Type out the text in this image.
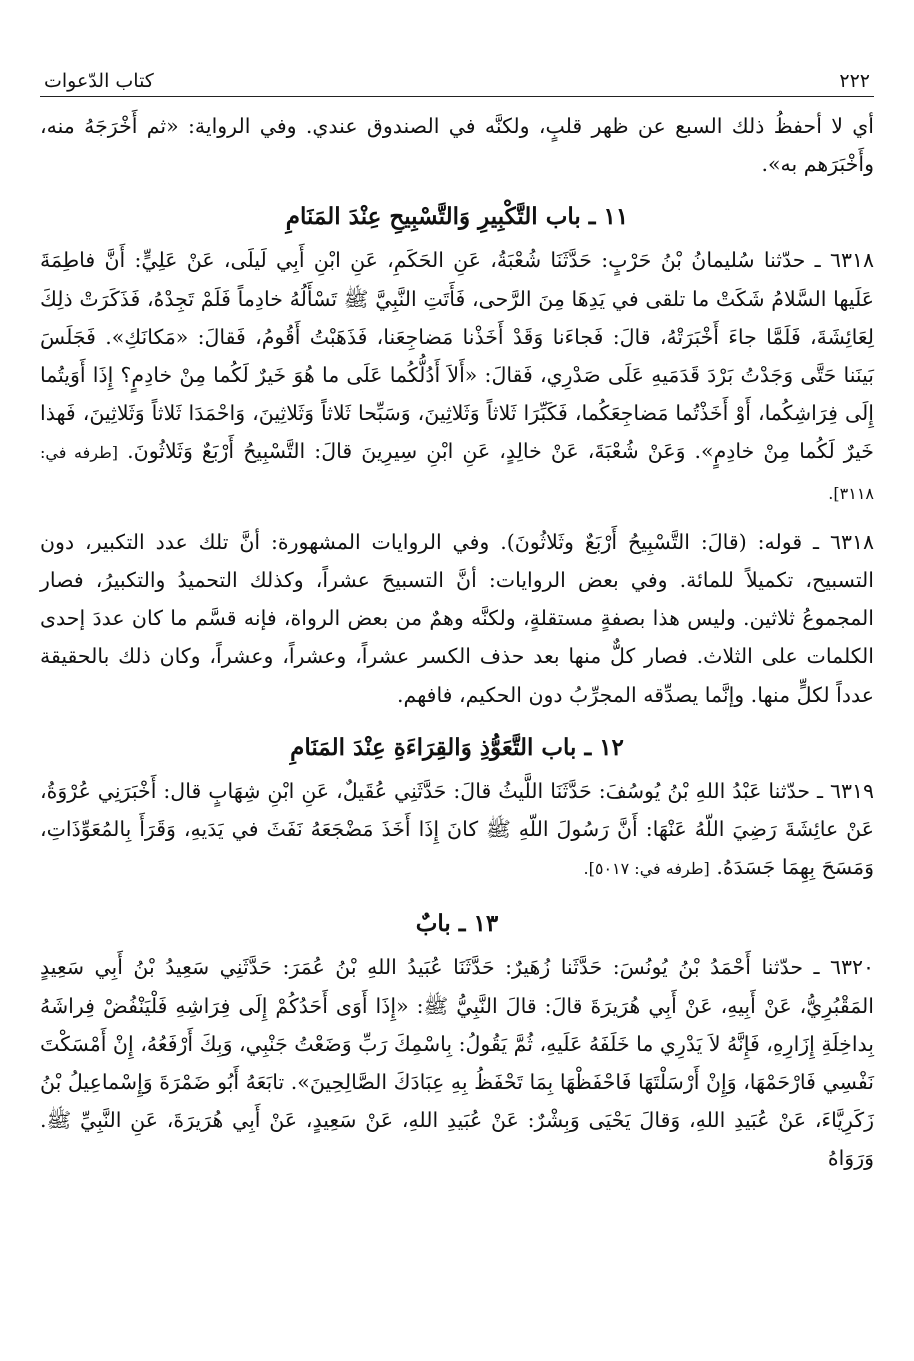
٢٢٢
كتاب الدّعوات

أي لا أحفظُ ذلك السبع عن ظهر قلبٍ، ولكنَّه في الصندوق عندي. وفي الرواية: «ثم أَخْرَجَهُ منه، وأَخْبَرَهم به».

١١ ـ باب التَّكْبِيرِ وَالتَّسْبِيحِ عِنْدَ المَنَامِ

٦٣١٨ ـ حدّثنا سُليمانُ بْنُ حَرْبٍ: حَدَّثَنَا شُعْبَةُ، عَنِ الحَكَمِ، عَنِ ابْنِ أَبِي لَيلَى، عَنْ عَلِيٍّ: أَنَّ فاطِمَةَ عَلَيها السَّلامُ شَكَتْ ما تلقى في يَدِهَا مِنَ الرَّحى، فَأَتَتِ النَّبِيَّ ﷺ تَسْأَلُهُ خادِماً فَلَمْ تَجِدْهُ، فَذَكَرَتْ ذلِكَ لِعَائِشَةَ، فَلَمَّا جاءَ أَخْبَرَتْهُ، قالَ: فَجاءَنا وَقَدْ أَخَذْنا مَضاجِعَنا، فَذَهَبْتُ أَقُومُ، فَقالَ: «مَكانَكِ». فَجَلَسَ بَينَنا حَتَّى وَجَدْتُ بَرْدَ قَدَمَيهِ عَلَى صَدْرِي، فَقالَ: «أَلاَ أَدُلُّكُما عَلَى ما هُوَ خَيرٌ لَكُما مِنْ خادِمٍ؟ إِذَا أَوَيتُما إِلَى فِرَاشِكُما، أَوْ أَخَذْتُما مَضاجِعَكُما، فَكَبِّرَا ثَلاثاً وَثَلاثِينَ، وَسَبِّحا ثَلاثاً وَثَلاثِينَ، وَاحْمَدَا ثَلاثاً وَثَلاثِينَ، فَهذا خَيرٌ لَكُما مِنْ خادِمٍ». وَعَنْ شُعْبَةَ، عَنْ خالِدٍ، عَنِ ابْنِ سِيرِينَ قالَ: التَّسْبِيحُ أَرْبَعٌ وَثَلاثُونَ. [طرفه في: ٣١١٨].

٦٣١٨ ـ قوله: (قالَ: التَّسْبِيحُ أَرْبَعٌ وثَلاثُونَ). وفي الروايات المشهورة: أنَّ تلك عدد التكبير، دون التسبيح، تكميلاً للمائة. وفي بعض الروايات: أنَّ التسبيحَ عشراً، وكذلك التحميدُ والتكبيرُ، فصار المجموعُ ثلاثين. وليس هذا بصفةٍ مستقلةٍ، ولكنَّه وهمٌ من بعض الرواة، فإنه قسَّم ما كان عددَ إحدى الكلمات على الثلاث. فصار كلٌّ منها بعد حذف الكسر عشراً، وعشراً، وعشراً، وكان ذلك بالحقيقة عدداً لكلٍّ منها. وإنَّما يصدِّقه المجرِّبُ دون الحكيم، فافهم.

١٢ ـ باب التَّعَوُّذِ وَالقِرَاءَةِ عِنْدَ المَنَامِ

٦٣١٩ ـ حدّثنا عَبْدُ اللهِ بْنُ يُوسُفَ: حَدَّثَنَا اللَّيثُ قالَ: حَدَّثَنِي عُقَيلٌ، عَنِ ابْنِ شِهَابٍ قال: أَخْبَرَنِي عُرْوَةُ، عَنْ عائِشَةَ رَضِيَ اللّهُ عَنْهَا: أَنَّ رَسُولَ اللّهِ ﷺ كانَ إِذَا أَخَذَ مَضْجَعَهُ نَفَثَ في يَدَيهِ، وَقَرَأَ بِالمُعَوِّذَاتِ، وَمَسَحَ بِهِمَا جَسَدَهُ. [طرفه في: ٥٠١٧].

١٣ ـ بابٌ

٦٣٢٠ ـ حدّثنا أَحْمَدُ بْنُ يُونُسَ: حَدَّثَنا زُهَيرٌ: حَدَّثَنَا عُبَيدُ اللهِ بْنُ عُمَرَ: حَدَّثَنِي سَعِيدُ بْنُ أَبِي سَعِيدٍ المَقْبُرِيُّ، عَنْ أَبِيهِ، عَنْ أَبِي هُرَيرَةَ قالَ: قالَ النَّبِيُّ ﷺ: «إِذَا أَوَى أَحَدُكُمْ إِلَى فِرَاشِهِ فَلْيَنْفُضْ فِراشَهُ بِداخِلَةِ إِزَارِهِ، فَإِنَّهُ لاَ يَدْرِي ما خَلَفَهُ عَلَيهِ، ثُمَّ يَقُولُ: بِاسْمِكَ رَبِّ وَضَعْتُ جَنْبِي، وَبِكَ أَرْفَعُهُ، إِنْ أَمْسَكْتَ نَفْسِي فَارْحَمْهَا، وَإِنْ أَرْسَلْتَهَا فَاحْفَظْهَا بِمَا تَحْفَظُ بِهِ عِبَادَكَ الصَّالِحِينَ». تابَعَهُ أَبُو ضَمْرَةَ وَإِسْماعِيلُ بْنُ زَكَرِيَّاءَ، عَنْ عُبَيدِ اللهِ، وَقالَ يَحْيَى وَبِشْرٌ: عَنْ عُبَيدِ اللهِ، عَنْ سَعِيدٍ، عَنْ أَبِي هُرَيرَةَ، عَنِ النَّبِيِّ ﷺ. وَرَوَاهُ
